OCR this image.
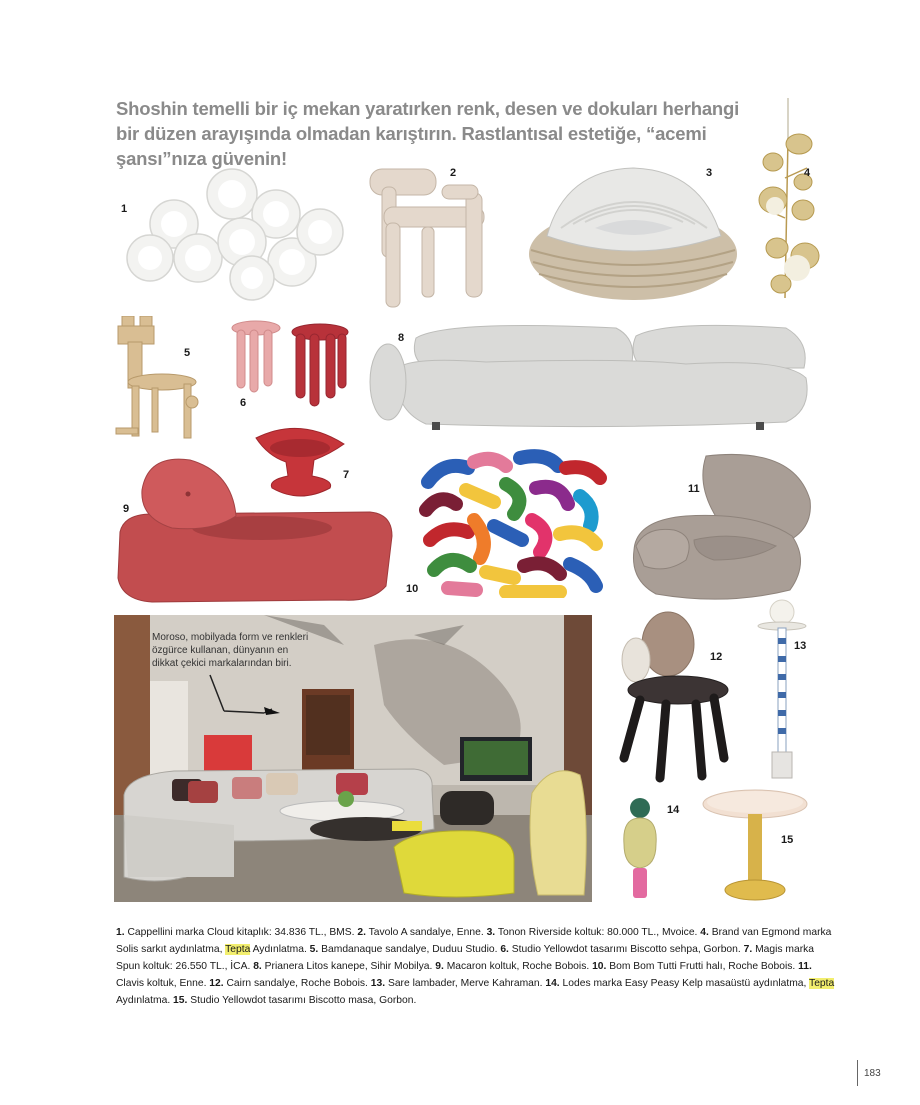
Shoshin temelli bir iç mekan yaratırken renk, desen ve dokuları herhangi bir düzen arayışında olmadan karıştırın. Rastlantısal estetiğe, “acemi şansı”nıza güvenin!

1
2	3	4
5
6
8
7
9
10
11
Moroso, mobilyada form ve renkleri özgürce kullanan, dünyanın en dikkat çekici markalarından biri.
12
13
14
15

1. Cappellini marka Cloud kitaplık: 34.836 TL., BMS. 2. Tavolo A sandalye, Enne. 3. Tonon Riverside koltuk: 80.000 TL., Mvoice. 4. Brand van Egmond marka Solis sarkıt aydınlatma, Tepta Aydınlatma. 5. Bamdanaque sandalye, Duduu Studio. 6. Studio Yellowdot tasarımı Biscotto sehpa, Gorbon. 7. Magis marka Spun koltuk: 26.550 TL., İCA. 8. Prianera Litos kanepe, Sihir Mobilya. 9. Macaron koltuk, Roche Bobois. 10. Bom Bom Tutti Frutti halı, Roche Bobois. 11. Clavis koltuk, Enne. 12. Cairn sandalye, Roche Bobois. 13. Sare lambader, Merve Kahraman. 14. Lodes marka Easy Peasy Kelp masaüstü aydınlatma, Tepta Aydınlatma. 15. Studio Yellowdot tasarımı Biscotto masa, Gorbon.

183
